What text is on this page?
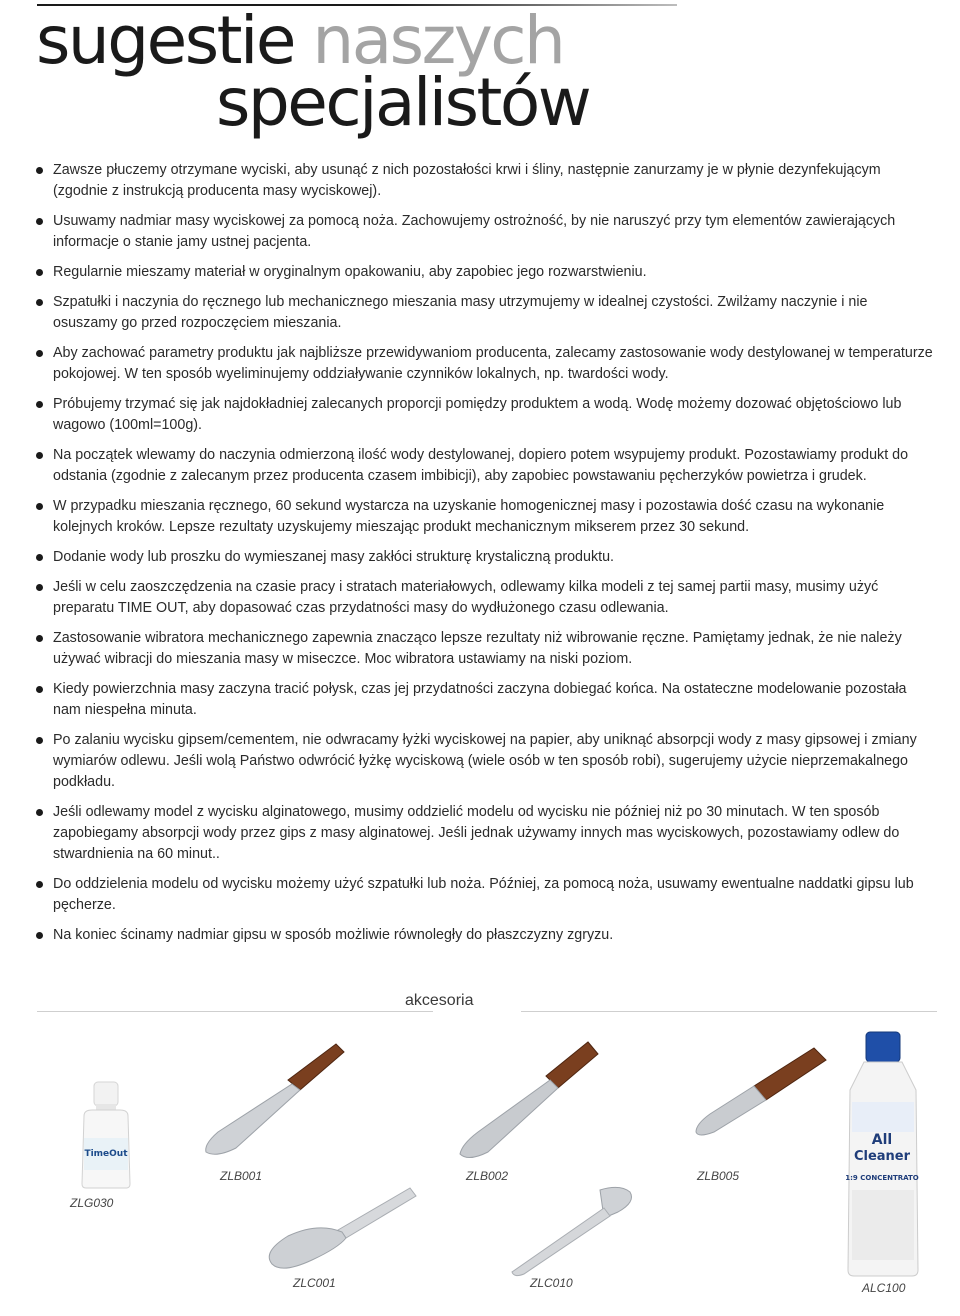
sugestie naszych
specjalistów
Zawsze płuczemy otrzymane wyciski, aby usunąć z nich pozostałości krwi i śliny, następnie zanurzamy je w płynie dezynfekującym (zgodnie z instrukcją producenta masy wyciskowej).
Usuwamy nadmiar masy wyciskowej za pomocą noża. Zachowujemy ostrożność, by nie naruszyć przy tym elementów zawierających informacje o stanie jamy ustnej pacjenta.
Regularnie mieszamy materiał w oryginalnym opakowaniu, aby zapobiec jego rozwarstwieniu.
Szpatułki i naczynia do ręcznego lub mechanicznego mieszania masy utrzymujemy w idealnej czystości. Zwilżamy naczynie i nie osuszamy go przed rozpoczęciem mieszania.
Aby zachować parametry produktu jak najbliższe przewidywaniom producenta, zalecamy zastosowanie wody destylowanej w temperaturze pokojowej. W ten sposób wyeliminujemy oddziaływanie czynników lokalnych, np. twardości wody.
Próbujemy trzymać się jak najdokładniej zalecanych proporcji pomiędzy produktem a wodą. Wodę możemy dozować objętościowo lub wagowo (100ml=100g).
Na początek wlewamy do naczynia odmierzoną ilość wody destylowanej, dopiero potem wsypujemy produkt. Pozostawiamy produkt do odstania (zgodnie z zalecanym przez producenta czasem imbibicji), aby zapobiec powstawaniu pęcherzyków powietrza i grudek.
W przypadku mieszania ręcznego, 60 sekund wystarcza na uzyskanie homogenicznej masy i pozostawia dość czasu na wykonanie kolejnych kroków. Lepsze rezultaty uzyskujemy mieszając produkt mechanicznym mikserem przez 30 sekund.
Dodanie wody lub proszku do wymieszanej masy zakłóci strukturę krystaliczną produktu.
Jeśli w celu zaoszczędzenia na czasie pracy i stratach materiałowych, odlewamy kilka modeli z tej samej partii masy, musimy użyć preparatu TIME OUT, aby dopasować czas przydatności masy do wydłużonego czasu odlewania.
Zastosowanie wibratora mechanicznego zapewnia znacząco lepsze rezultaty niż wibrowanie ręczne. Pamiętamy jednak, że nie należy używać wibracji do mieszania masy w miseczce. Moc wibratora ustawiamy na niski poziom.
Kiedy powierzchnia masy zaczyna tracić połysk, czas jej przydatności zaczyna dobiegać końca. Na ostateczne modelowanie pozostała nam niespełna minuta.
Po zalaniu wycisku gipsem/cementem, nie odwracamy łyżki wyciskowej na papier, aby uniknąć absorpcji wody z masy gipsowej i zmiany wymiarów odlewu. Jeśli wolą Państwo odwrócić łyżkę wyciskową (wiele osób w ten sposób robi), sugerujemy użycie nieprzemakalnego podkładu.
Jeśli odlewamy model z wycisku alginatowego, musimy oddzielić modelu od wycisku nie później niż po 30 minutach. W ten sposób zapobiegamy absorpcji wody przez gips z masy alginatowej. Jeśli jednak używamy innych mas wyciskowych, pozostawiamy odlew do stwardnienia na 60 minut..
Do oddzielenia modelu od wycisku możemy użyć szpatułki lub noża. Później, za pomocą noża, usuwamy ewentualne naddatki gipsu lub pęcherze.
Na koniec ścinamy nadmiar gipsu w sposób możliwie równoległy do płaszczyzny zgryzu.
akcesoria
TimeOut
ZLG030
ZLB001	ZLB002	ZLB005
All
Cleaner
1:9 CONCENTRATO
ALC100
ZLC001	ZLC010
